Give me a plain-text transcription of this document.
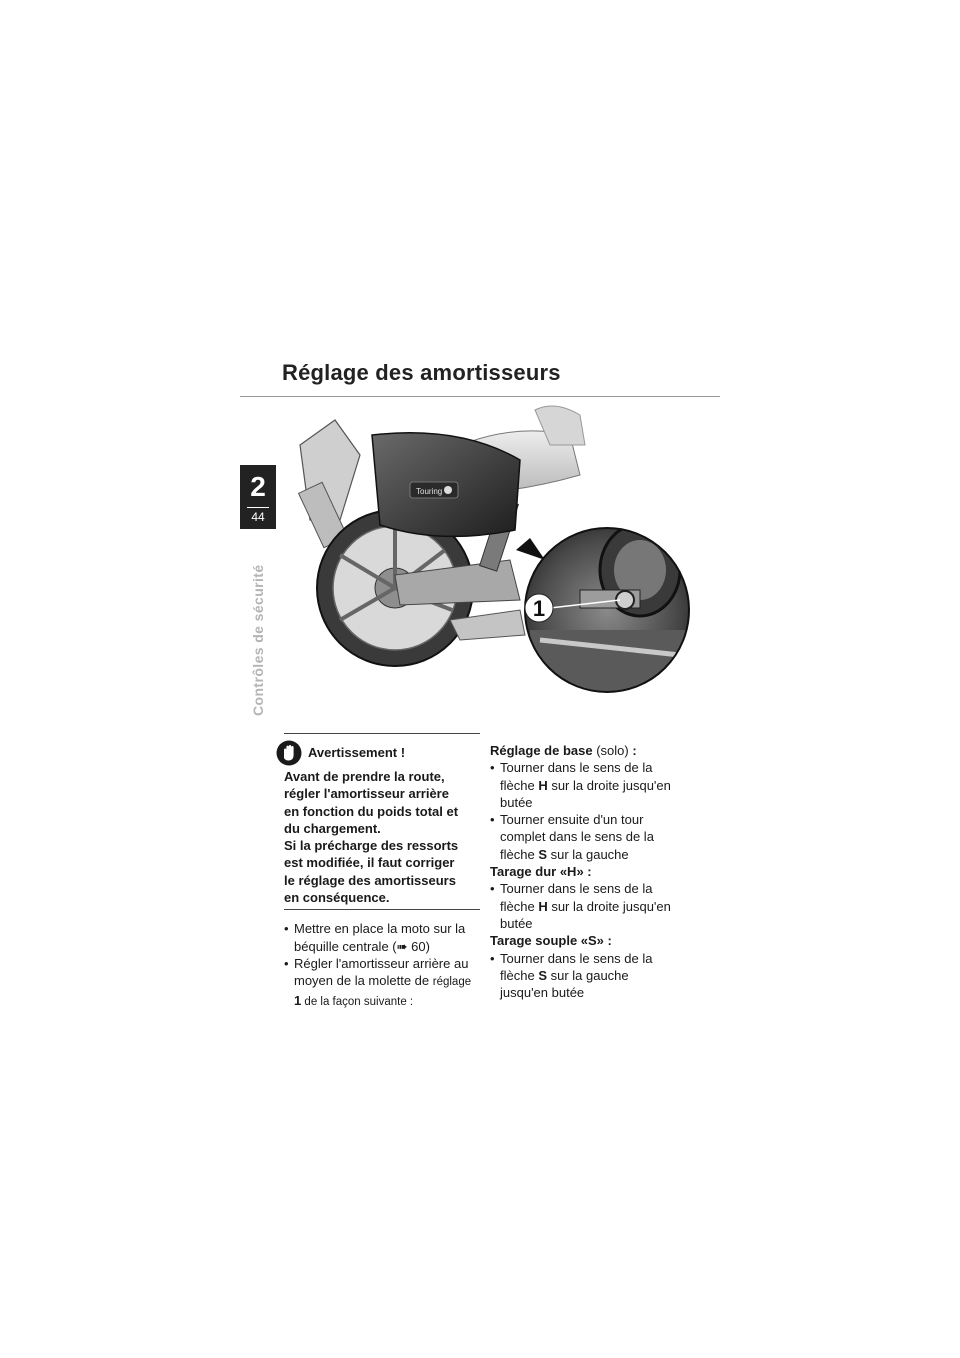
Réglage des amortisseurs
2
44
Contrôles de sécurité
Touring
1
Avertissement !
Avant de prendre la route,
régler l'amortisseur arrière
en fonction du poids total et
du chargement.
Si la précharge des ressorts
est modifiée, il faut corriger
le réglage des amortisseurs
en conséquence.
• Mettre en place la moto sur la béquille centrale (➠ 60)
• Régler l'amortisseur arrière au moyen de la molette de réglage 1 de la façon suivante :
Réglage de base (solo) :
• Tourner dans le sens de la flèche H sur la droite jusqu'en butée
• Tourner ensuite d'un tour complet dans le sens de la flèche S sur la gauche
Tarage dur «H» :
• Tourner dans le sens de la flèche H sur la droite jusqu'en butée
Tarage souple «S» :
• Tourner dans le sens de la flèche S sur la gauche jusqu'en butée
